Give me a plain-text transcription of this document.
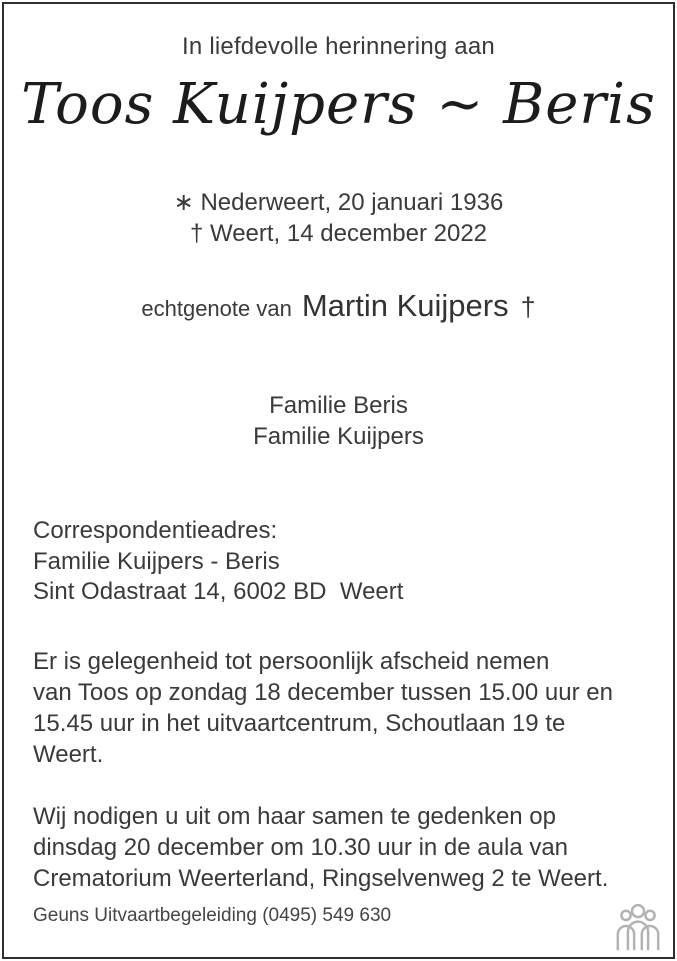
In liefdevolle herinnering aan
Toos Kuijpers ~ Beris
∗ Nederweert, 20 januari 1936
† Weert, 14 december 2022
echtgenote van Martin Kuijpers †
Familie Beris
Familie Kuijpers
Correspondentieadres:
Familie Kuijpers - Beris
Sint Odastraat 14, 6002 BD  Weert
Er is gelegenheid tot persoonlijk afscheid nemen
van Toos op zondag 18 december tussen 15.00 uur en
15.45 uur in het uitvaartcentrum, Schoutlaan 19 te
Weert.
Wij nodigen u uit om haar samen te gedenken op
dinsdag 20 december om 10.30 uur in de aula van
Crematorium Weerterland, Ringselvenweg 2 te Weert.
Geuns Uitvaartbegeleiding (0495) 549 630
